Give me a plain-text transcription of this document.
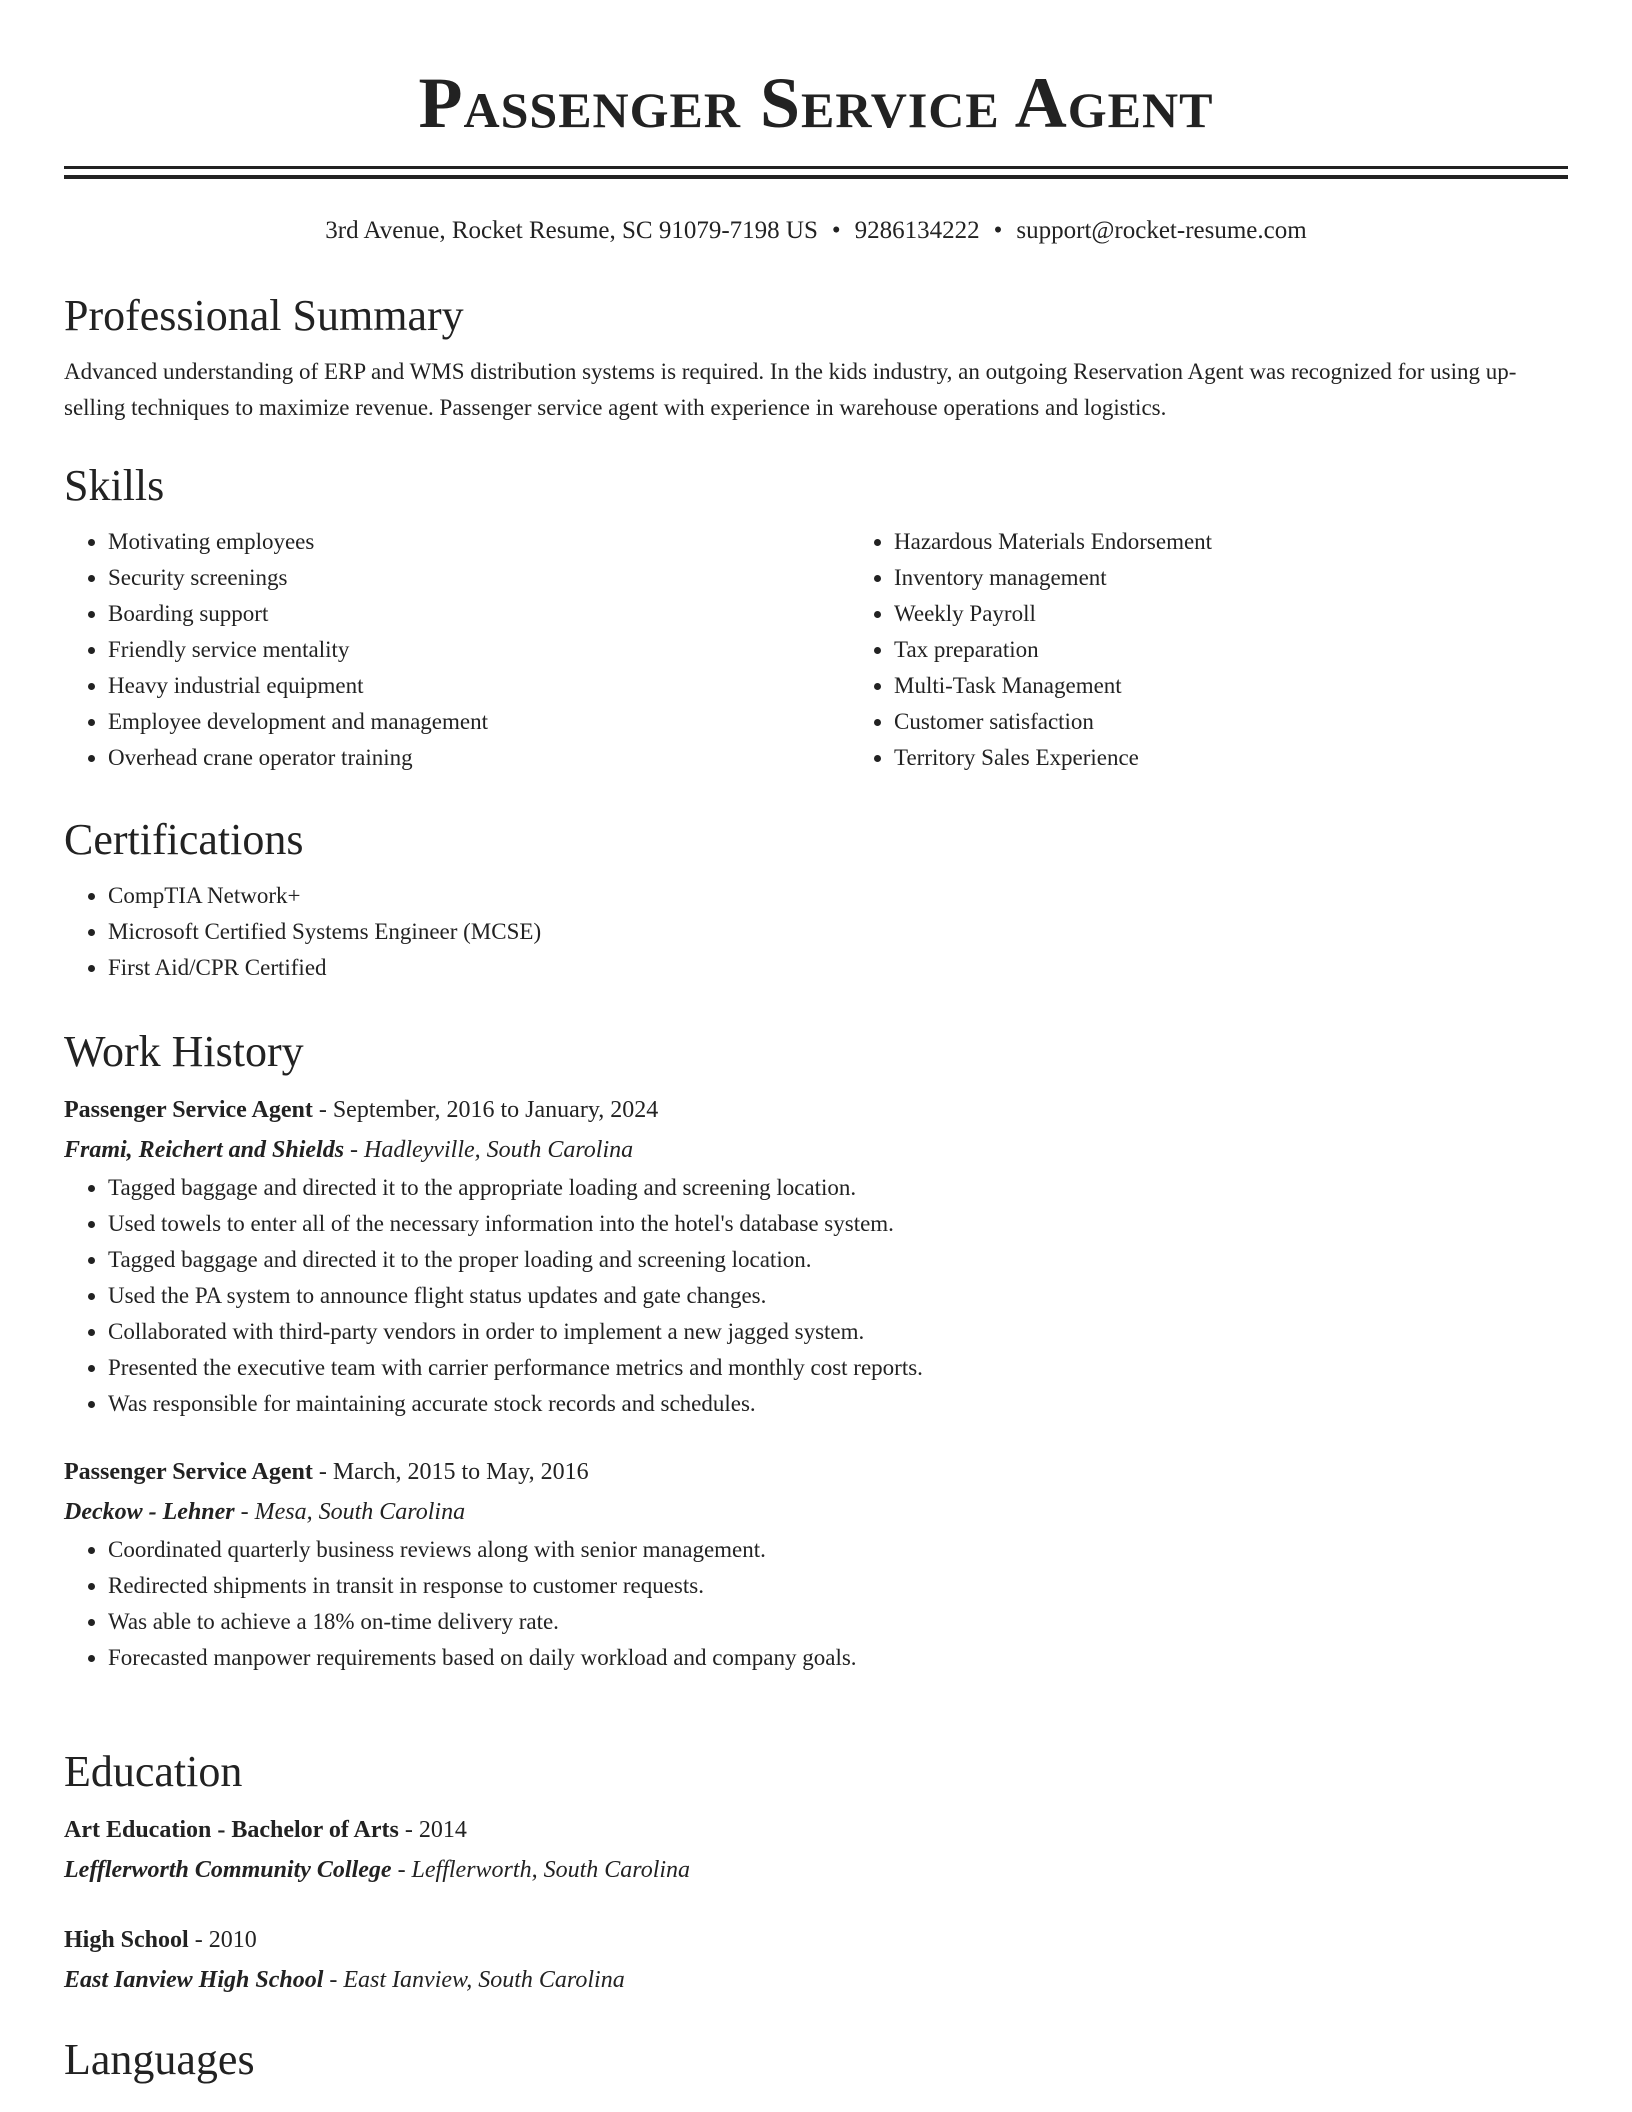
Passenger Service Agent
3rd Avenue, Rocket Resume, SC 91079-7198 US • 9286134222 • support@rocket-resume.com
Professional Summary

Advanced understanding of ERP and WMS distribution systems is required. In the kids industry, an outgoing Reservation Agent was recognized for using up-selling techniques to maximize revenue. Passenger service agent with experience in warehouse operations and logistics.

Skills
• Motivating employees
• Security screenings
• Boarding support
• Friendly service mentality
• Heavy industrial equipment
• Employee development and management
• Overhead crane operator training
• Hazardous Materials Endorsement
• Inventory management
• Weekly Payroll
• Tax preparation
• Multi-Task Management
• Customer satisfaction
• Territory Sales Experience
Certifications
• CompTIA Network+
• Microsoft Certified Systems Engineer (MCSE)
• First Aid/CPR Certified
Work History
Passenger Service Agent - September, 2016 to January, 2024
Frami, Reichert and Shields - Hadleyville, South Carolina
• Tagged baggage and directed it to the appropriate loading and screening location.
• Used towels to enter all of the necessary information into the hotel's database system.
• Tagged baggage and directed it to the proper loading and screening location.
• Used the PA system to announce flight status updates and gate changes.
• Collaborated with third-party vendors in order to implement a new jagged system.
• Presented the executive team with carrier performance metrics and monthly cost reports.
• Was responsible for maintaining accurate stock records and schedules.
Passenger Service Agent - March, 2015 to May, 2016
Deckow - Lehner - Mesa, South Carolina
• Coordinated quarterly business reviews along with senior management.
• Redirected shipments in transit in response to customer requests.
• Was able to achieve a 18% on-time delivery rate.
• Forecasted manpower requirements based on daily workload and company goals.
Education
Art Education - Bachelor of Arts - 2014
Lefflerworth Community College - Lefflerworth, South Carolina
High School - 2010
East Ianview High School - East Ianview, South Carolina
Languages
